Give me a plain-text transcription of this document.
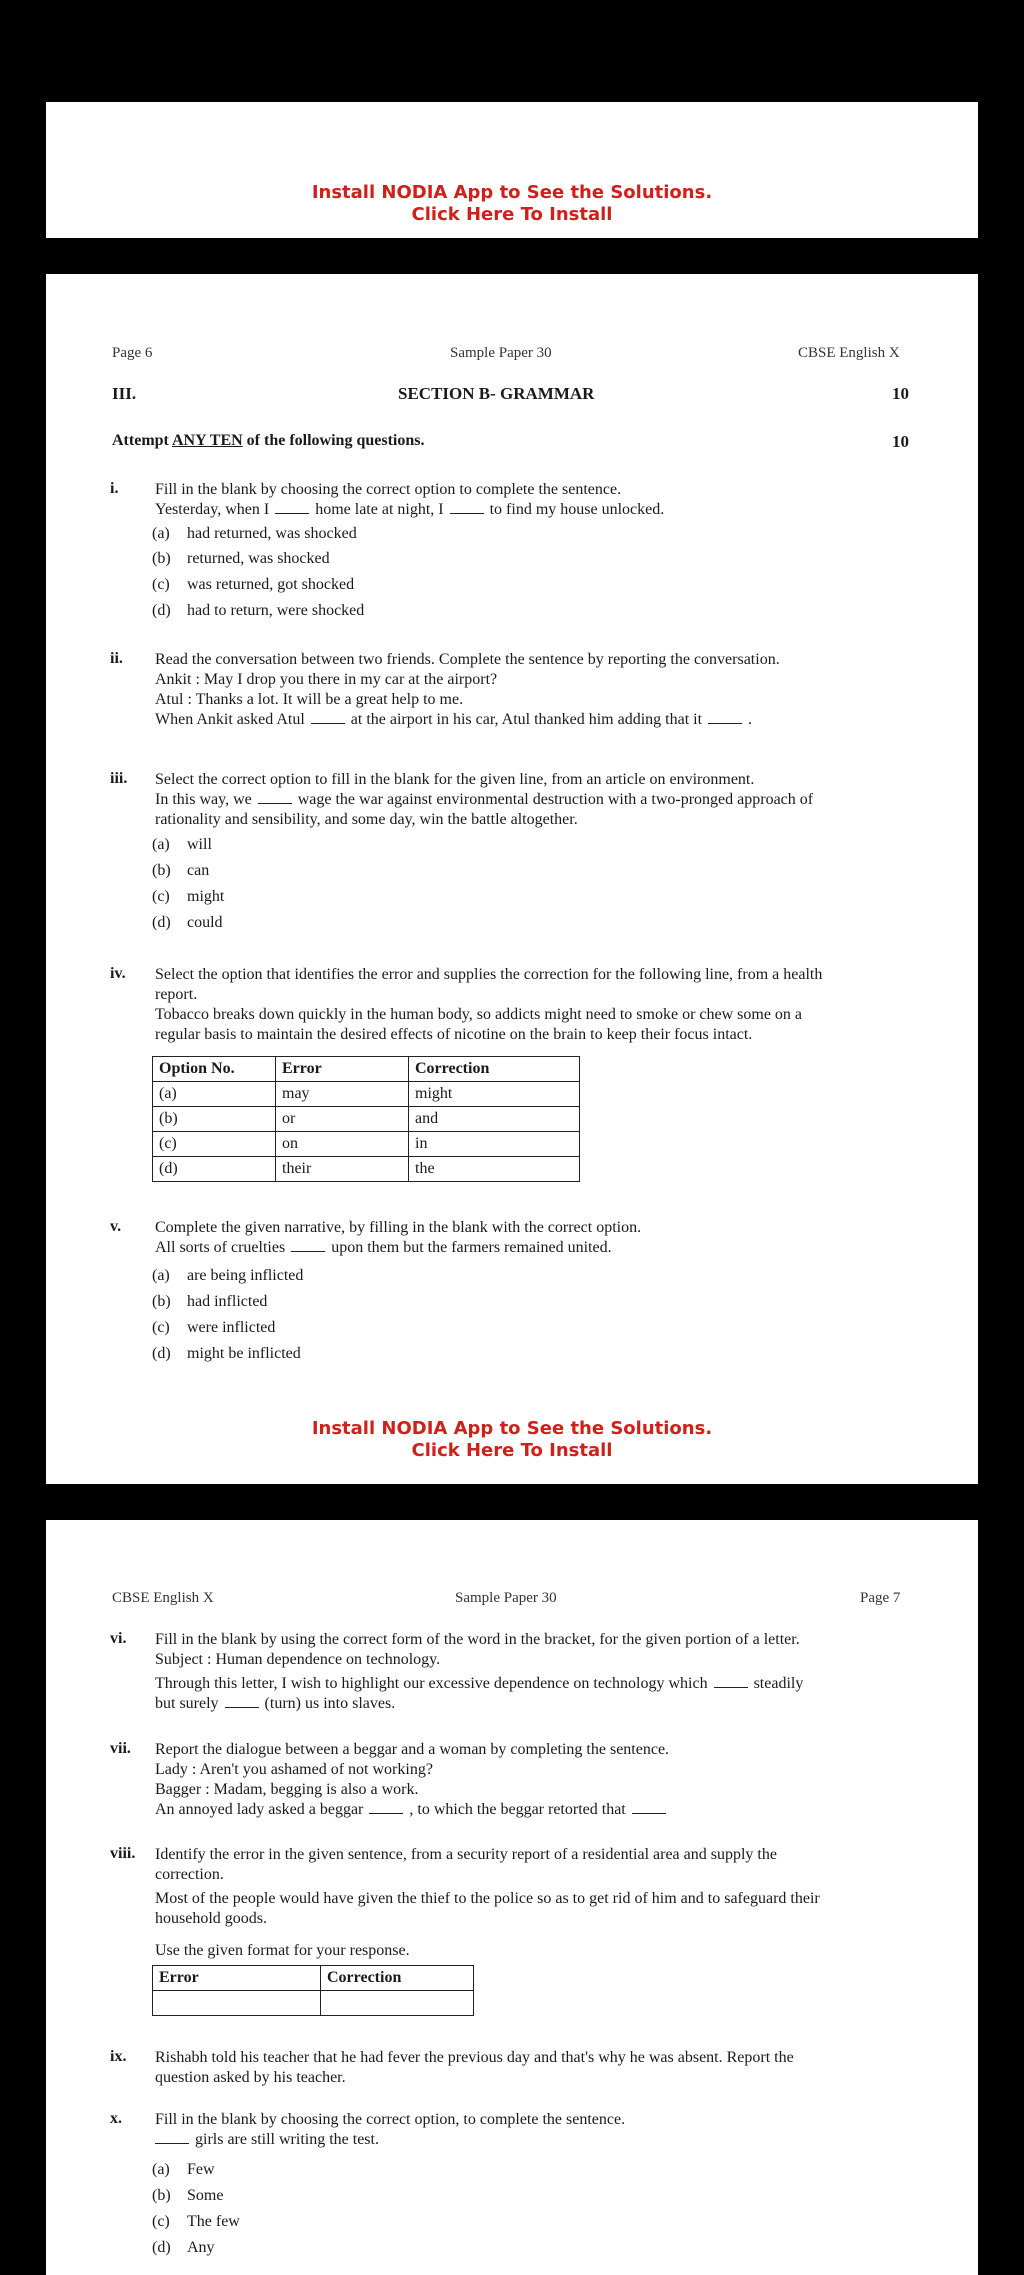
Install NODIA App to See the Solutions.
Click Here To Install
Page 6	Sample Paper 30	CBSE English X
III.	SECTION B- GRAMMAR	10
Attempt ANY TEN of the following questions.	10
i. Fill in the blank by choosing the correct option to complete the sentence.
Yesterday, when I	home late at night, I	to find my house unlocked.
(a) had returned, was shocked
(b) returned, was shocked
(c) was returned, got shocked
(d) had to return, were shocked
ii. Read the conversation between two friends. Complete the sentence by reporting the conversation.
Ankit : May I drop you there in my car at the airport?
Atul : Thanks a lot. It will be a great help to me.
When Ankit asked Atul	at the airport in his car, Atul thanked him adding that it	.
iii. Select the correct option to fill in the blank for the given line, from an article on environment.
In this way, we	wage the war against environmental destruction with a two-pronged approach of
rationality and sensibility, and some day, win the battle altogether.
(a) will
(b) can
(c) might
(d) could
iv. Select the option that identifies the error and supplies the correction for the following line, from a health
report.
Tobacco breaks down quickly in the human body, so addicts might need to smoke or chew some on a
regular basis to maintain the desired effects of nicotine on the brain to keep their focus intact.
Option No.	Error	Correction
(a)	may	might
(b)	or	and
(c)	on	in
(d)	their	the
v. Complete the given narrative, by filling in the blank with the correct option.
All sorts of cruelties	upon them but the farmers remained united.
(a) are being inflicted
(b) had inflicted
(c) were inflicted
(d) might be inflicted
Install NODIA App to See the Solutions.
Click Here To Install
CBSE English X	Sample Paper 30	Page 7
vi. Fill in the blank by using the correct form of the word in the bracket, for the given portion of a letter.
Subject : Human dependence on technology.
Through this letter, I wish to highlight our excessive dependence on technology which	steadily
but surely	(turn) us into slaves.
vii. Report the dialogue between a beggar and a woman by completing the sentence.
Lady : Aren't you ashamed of not working?
Bagger : Madam, begging is also a work.
An annoyed lady asked a beggar	, to which the beggar retorted that
viii. Identify the error in the given sentence, from a security report of a residential area and supply the
correction.
Most of the people would have given the thief to the police so as to get rid of him and to safeguard their
household goods.
Use the given format for your response.
Error	Correction

ix. Rishabh told his teacher that he had fever the previous day and that's why he was absent. Report the
question asked by his teacher.
x. Fill in the blank by choosing the correct option, to complete the sentence.
girls are still writing the test.
(a) Few
(b) Some
(c) The few
(d) Any
